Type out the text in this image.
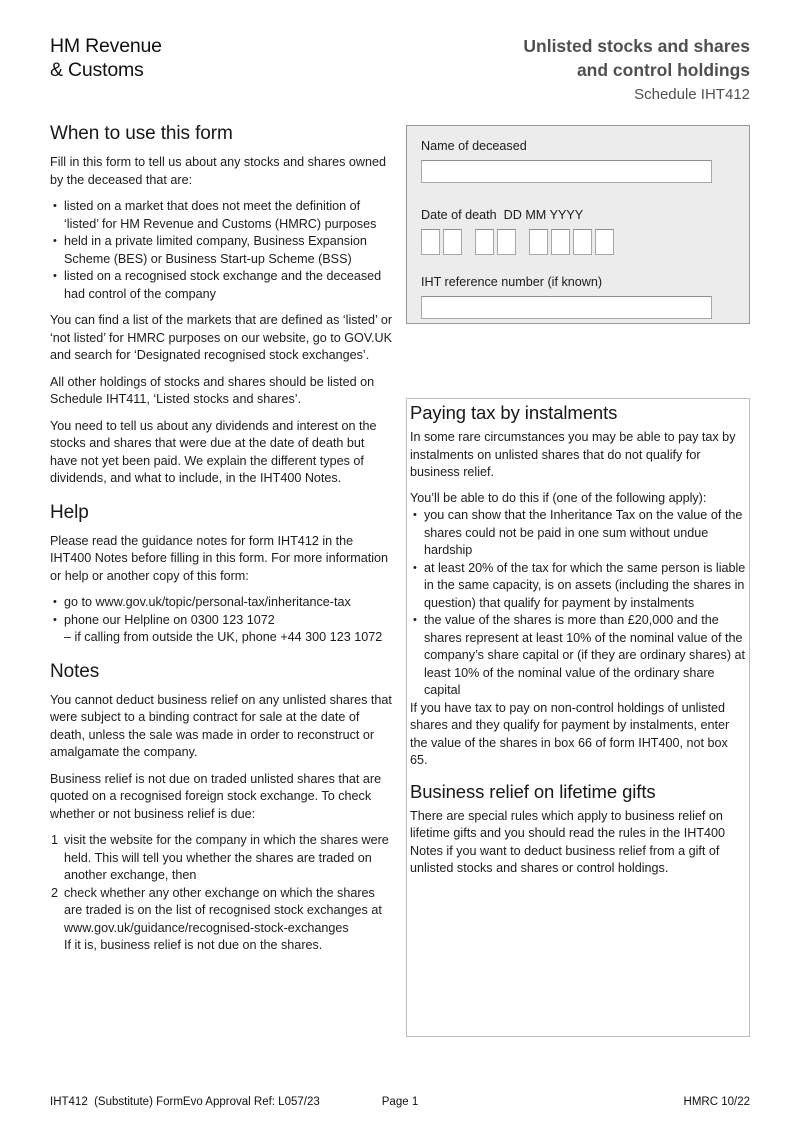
HM Revenue
& Customs
Unlisted stocks and shares
and control holdings
Schedule IHT412
When to use this form

Fill in this form to tell us about any stocks and shares owned by the deceased that are:

• listed on a market that does not meet the definition of ‘listed’ for HM Revenue and Customs (HMRC) purposes
• held in a private limited company, Business Expansion Scheme (BES) or Business Start-up Scheme (BSS)
• listed on a recognised stock exchange and the deceased had control of the company

You can find a list of the markets that are defined as ‘listed’ or ‘not listed’ for HMRC purposes on our website, go to GOV.UK and search for ‘Designated recognised stock exchanges’.

All other holdings of stocks and shares should be listed on Schedule IHT411, ‘Listed stocks and shares’.

You need to tell us about any dividends and interest on the stocks and shares that were due at the date of death but have not yet been paid. We explain the different types of dividends, and what to include, in the IHT400 Notes.

Help

Please read the guidance notes for form IHT412 in the IHT400 Notes before filling in this form. For more information or help or another copy of this form:

• go to www.gov.uk/topic/personal-tax/inheritance-tax
• phone our Helpline on 0300 123 1072
– if calling from outside the UK, phone +44 300 123 1072
Notes

You cannot deduct business relief on any unlisted shares that were subject to a binding contract for sale at the date of death, unless the sale was made in order to reconstruct or amalgamate the company.

Business relief is not due on traded unlisted shares that are quoted on a recognised foreign stock exchange. To check whether or not business relief is due:

1 visit the website for the company in which the shares were held. This will tell you whether the shares are traded on another exchange, then
2 check whether any other exchange on which the shares are traded is on the list of recognised stock exchanges at www.gov.uk/guidance/recognised-stock-exchanges
If it is, business relief is not due on the shares.
Name of deceased
Date of death DD MM YYYY
IHT reference number (if known)
Paying tax by instalments

In some rare circumstances you may be able to pay tax by instalments on unlisted shares that do not qualify for business relief.

You’ll be able to do this if (one of the following apply):

• you can show that the Inheritance Tax on the value of the shares could not be paid in one sum without undue hardship
• at least 20% of the tax for which the same person is liable in the same capacity, is on assets (including the shares in question) that qualify for payment by instalments
• the value of the shares is more than £20,000 and the shares represent at least 10% of the nominal value of the company’s share capital or (if they are ordinary shares) at least 10% of the nominal value of the ordinary share capital

If you have tax to pay on non-control holdings of unlisted shares and they qualify for payment by instalments, enter the value of the shares in box 66 of form IHT400, not box 65.

Business relief on lifetime gifts

There are special rules which apply to business relief on lifetime gifts and you should read the rules in the IHT400 Notes if you want to deduct business relief from a gift of unlisted stocks and shares or control holdings.

IHT412  (Substitute) FormEvo Approval Ref: L057/23	Page 1	HMRC 10/22
